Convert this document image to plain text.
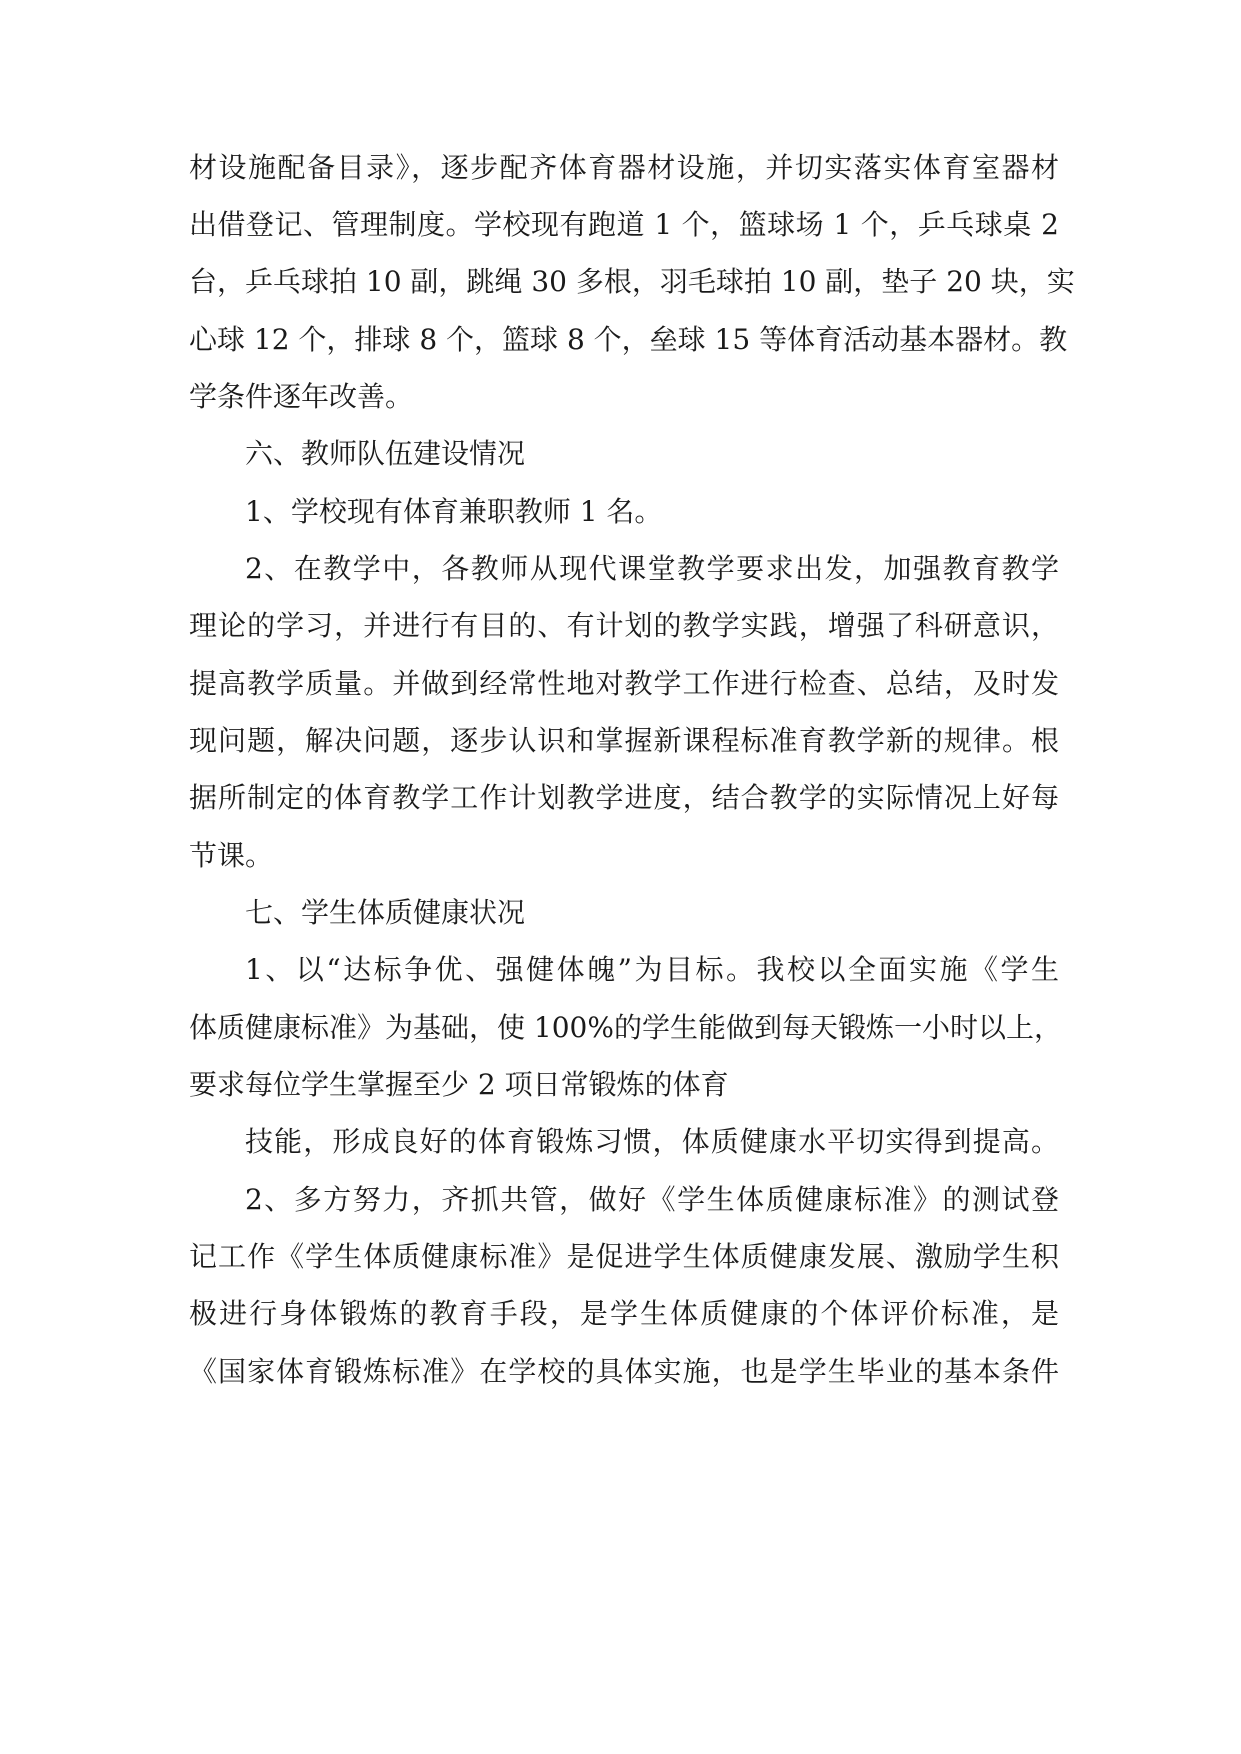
材设施配备目录》，逐步配齐体育器材设施，并切实落实体育室器材

出借登记、管理制度。学校现有跑道 1 个，篮球场 1 个，乒乓球桌 2

台，乒乓球拍 10 副，跳绳 30 多根，羽毛球拍 10 副，垫子 20 块，实

心球 12 个，排球 8 个，篮球 8 个，垒球 15 等体育活动基本器材。教

学条件逐年改善。

六、教师队伍建设情况

1、学校现有体育兼职教师 1 名。

2、在教学中，各教师从现代课堂教学要求出发，加强教育教学

理论的学习，并进行有目的、有计划的教学实践，增强了科研意识，

提高教学质量。并做到经常性地对教学工作进行检查、总结，及时发

现问题，解决问题，逐步认识和掌握新课程标准育教学新的规律。根

据所制定的体育教学工作计划教学进度，结合教学的实际情况上好每

节课。

七、学生体质健康状况

1、以“达标争优、强健体魄”为目标。我校以全面实施《学生

体质健康标准》为基础，使 100%的学生能做到每天锻炼一小时以上，

要求每位学生掌握至少 2 项日常锻炼的体育

技能，形成良好的体育锻炼习惯，体质健康水平切实得到提高。

2、多方努力，齐抓共管，做好《学生体质健康标准》的测试登

记工作《学生体质健康标准》是促进学生体质健康发展、激励学生积

极进行身体锻炼的教育手段，是学生体质健康的个体评价标准，是

《国家体育锻炼标准》在学校的具体实施，也是学生毕业的基本条件
